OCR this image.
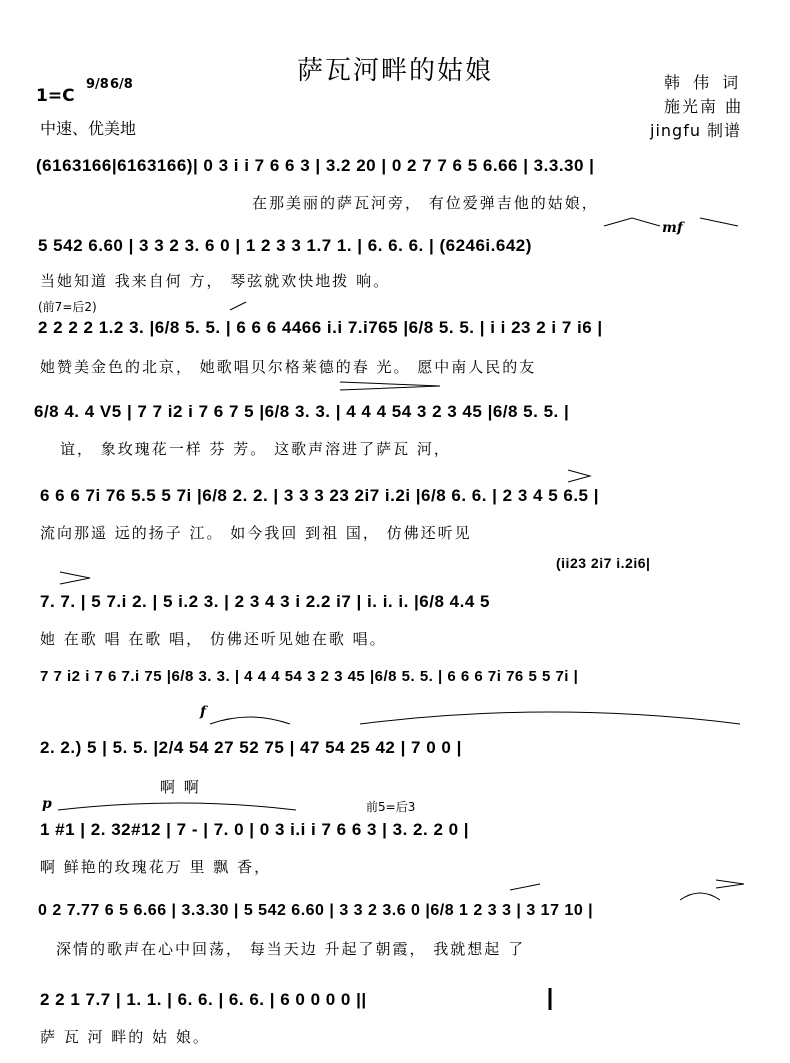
萨瓦河畔的姑娘
1=C
9/8 6/8
中速、优美地
韩 伟 词
施光南 曲
jingfu 制谱
(6163166|6163166)| 0 3 i i 7 6 6 3 | 3.2 20 | 0 2 7 7 6 5 6.66 | 3.3.30 |
在那美丽的萨瓦河旁， 有位爱弹吉他的姑娘，
mf
5 542 6.60 | 3 3 2 3. 6 0 | 1 2 3 3 1.7 1. | 6. 6. 6. | (6246i.642)
当她知道 我来自何 方， 琴弦就欢快地拨 响。
(前7=后2)
2 2 2 2 1.2 3. |6/8 5. 5. | 6 6 6 4466 i.i 7.i765 |6/8 5. 5. | i i 23 2 i 7 i6 |
她赞美金色的北京， 她歌唱贝尔格莱德的春 光。 愿中南人民的友
6/8 4. 4 V5 | 7 7 i2 i 7 6 7 5 |6/8 3. 3. | 4 4 4 54 3 2 3 45 |6/8 5. 5. |
谊， 象玫瑰花一样 芬 芳。 这歌声溶进了萨瓦 河，
6 6 6 7i 76 5.5 5 7i |6/8 2. 2. | 3 3 3 23 2i7 i.2i |6/8 6. 6. | 2 3 4 5 6.5 |
流向那遥 远的扬子 江。 如今我回 到祖 国， 仿佛还听见
(ii23 2i7 i.2i6|
7. 7. | 5 7.i 2. | 5 i.2 3. | 2 3 4 3 i 2.2 i7 | i. i. i. |6/8 4.4 5
她 在歌 唱 在歌 唱， 仿佛还听见她在歌 唱。
7 7 i2 i 7 6 7.i 75 |6/8 3. 3. | 4 4 4 54 3 2 3 45 |6/8 5. 5. | 6 6 6 7i 76 5 5 7i |
f
2. 2.) 5 | 5. 5. |2/4 54 27 52 75 | 47 54 25 42 | 7 0 0 |
啊 啊
p	前5=后3
1 #1 | 2. 32#12 | 7 - | 7. 0 | 0 3 i.i i 7 6 6 3 | 3. 2. 2 0 |
啊 鲜艳的玫瑰花万 里 飘 香，
0 2 7.77 6 5 6.66 | 3.3.30 | 5 542 6.60 | 3 3 2 3.6 0 |6/8 1 2 3 3 | 3 17 10 |
深情的歌声在心中回荡， 每当天边 升起了朝霞， 我就想起 了
2 2 1 7.7 | 1. 1. | 6. 6. | 6. 6. | 6 0 0 0 0 ||
萨 瓦 河 畔的 姑 娘。
